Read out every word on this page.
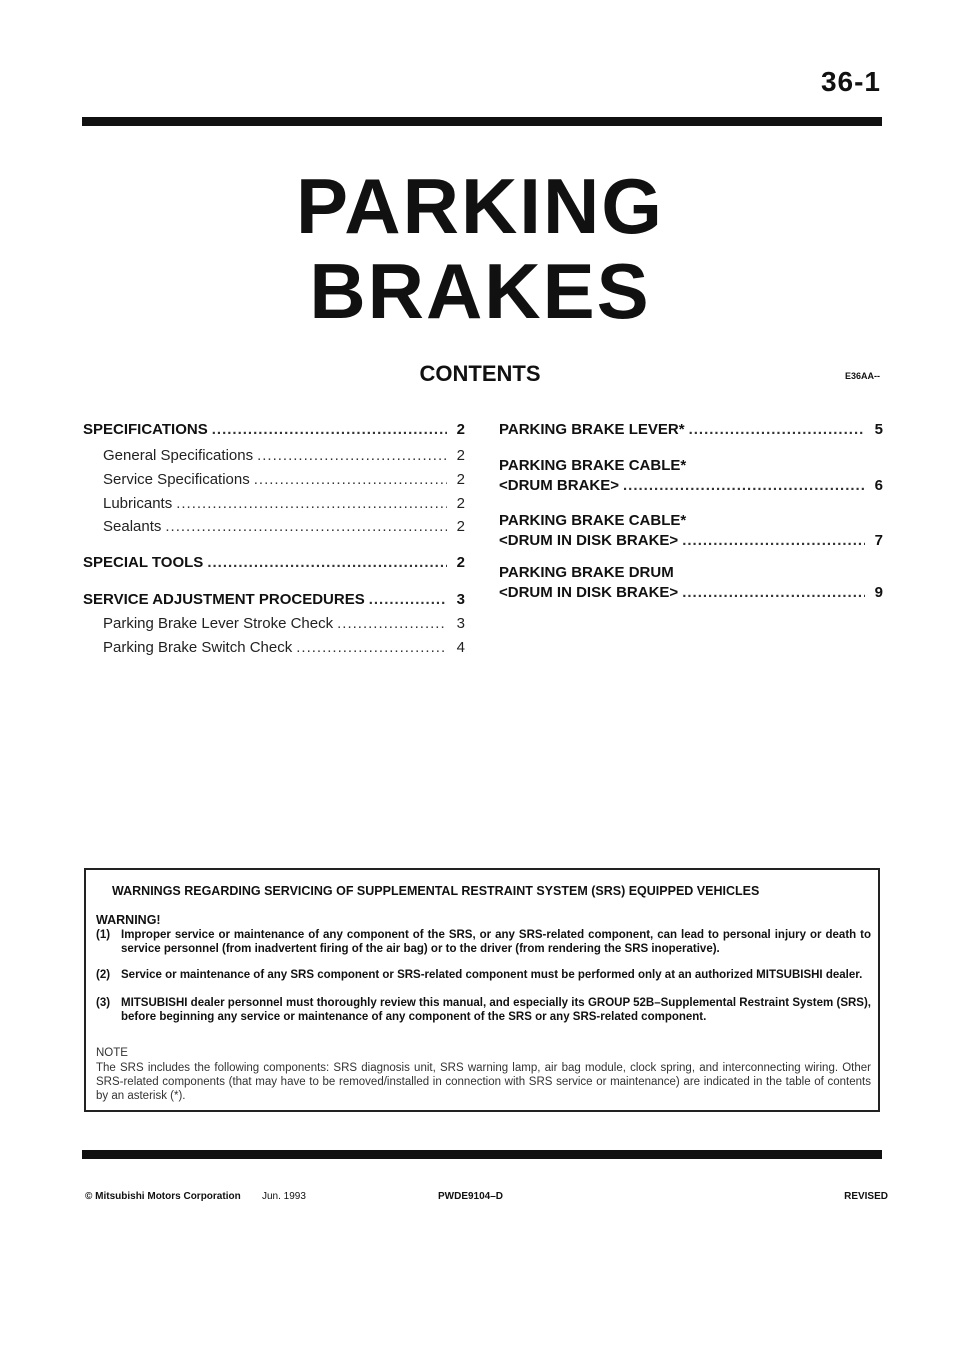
36-1
PARKING
BRAKES
CONTENTS	E36AA--
SPECIFICATIONS .....	2
General Specifications .....	2
Service Specifications .....	2
Lubricants .....	2
Sealants .....	2
SPECIAL TOOLS .....	2
SERVICE ADJUSTMENT PROCEDURES .....	3
Parking Brake Lever Stroke Check .....	3
Parking Brake Switch Check .....	4
PARKING BRAKE LEVER* .....	5
PARKING BRAKE CABLE*
<DRUM BRAKE> .....	6
PARKING BRAKE CABLE*
<DRUM IN DISK BRAKE> .....	7
PARKING BRAKE DRUM
<DRUM IN DISK BRAKE> .....	9
WARNINGS REGARDING SERVICING OF SUPPLEMENTAL RESTRAINT SYSTEM (SRS) EQUIPPED VEHICLES
WARNING!
(1) Improper service or maintenance of any component of the SRS, or any SRS-related component, can lead to personal injury or death to service personnel (from inadvertent firing of the air bag) or to the driver (from rendering the SRS inoperative).
(2) Service or maintenance of any SRS component or SRS-related component must be performed only at an authorized MITSUBISHI dealer.
(3) MITSUBISHI dealer personnel must thoroughly review this manual, and especially its GROUP 52B–Supplemental Restraint System (SRS), before beginning any service or maintenance of any component of the SRS or any SRS-related component.
NOTE
The SRS includes the following components: SRS diagnosis unit, SRS warning lamp, air bag module, clock spring, and interconnecting wiring. Other SRS-related components (that may have to be removed/installed in connection with SRS service or maintenance) are indicated in the table of contents by an asterisk (*).
© Mitsubishi Motors Corporation Jun. 1993	PWDE9104–D	REVISED
